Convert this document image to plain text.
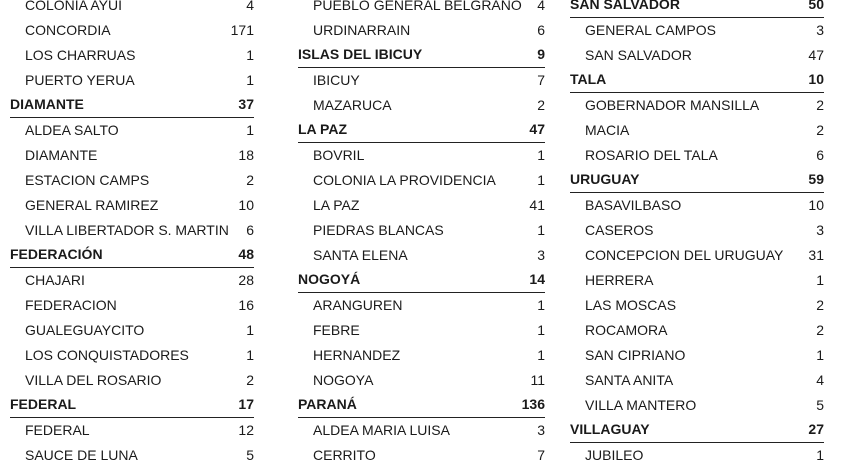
COLONIA AYUI	4
CONCORDIA	171
LOS CHARRUAS	1
PUERTO YERUA	1
DIAMANTE	37
ALDEA SALTO	1
DIAMANTE	18
ESTACION CAMPS	2
GENERAL RAMIREZ	10
VILLA LIBERTADOR S. MARTIN 6
FEDERACIÓN	48
CHAJARI	28
FEDERACION	16
GUALEGUAYCITO	1
LOS CONQUISTADORES	1
VILLA DEL ROSARIO	2
FEDERAL	17
FEDERAL	12
SAUCE DE LUNA	5
PUEBLO GENERAL BELGRANO 4
URDINARRAIN	6
ISLAS DEL IBICUY	9
IBICUY	7
MAZARUCA	2
LA PAZ	47
BOVRIL	1
COLONIA LA PROVIDENCIA	1
LA PAZ	41
PIEDRAS BLANCAS	1
SANTA ELENA	3
NOGOYÁ	14
ARANGUREN	1
FEBRE	1
HERNANDEZ	1
NOGOYA	11
PARANÁ	136
ALDEA MARIA LUISA	3
CERRITO	7
SAN SALVADOR	50
GENERAL CAMPOS	3
SAN SALVADOR	47
TALA	10
GOBERNADOR MANSILLA	2
MACIA	2
ROSARIO DEL TALA	6
URUGUAY	59
BASAVILBASO	10
CASEROS	3
CONCEPCION DEL URUGUAY 31
HERRERA	1
LAS MOSCAS	2
ROCAMORA	2
SAN CIPRIANO	1
SANTA ANITA	4
VILLA MANTERO	5
VILLAGUAY	27
JUBILEO	1
